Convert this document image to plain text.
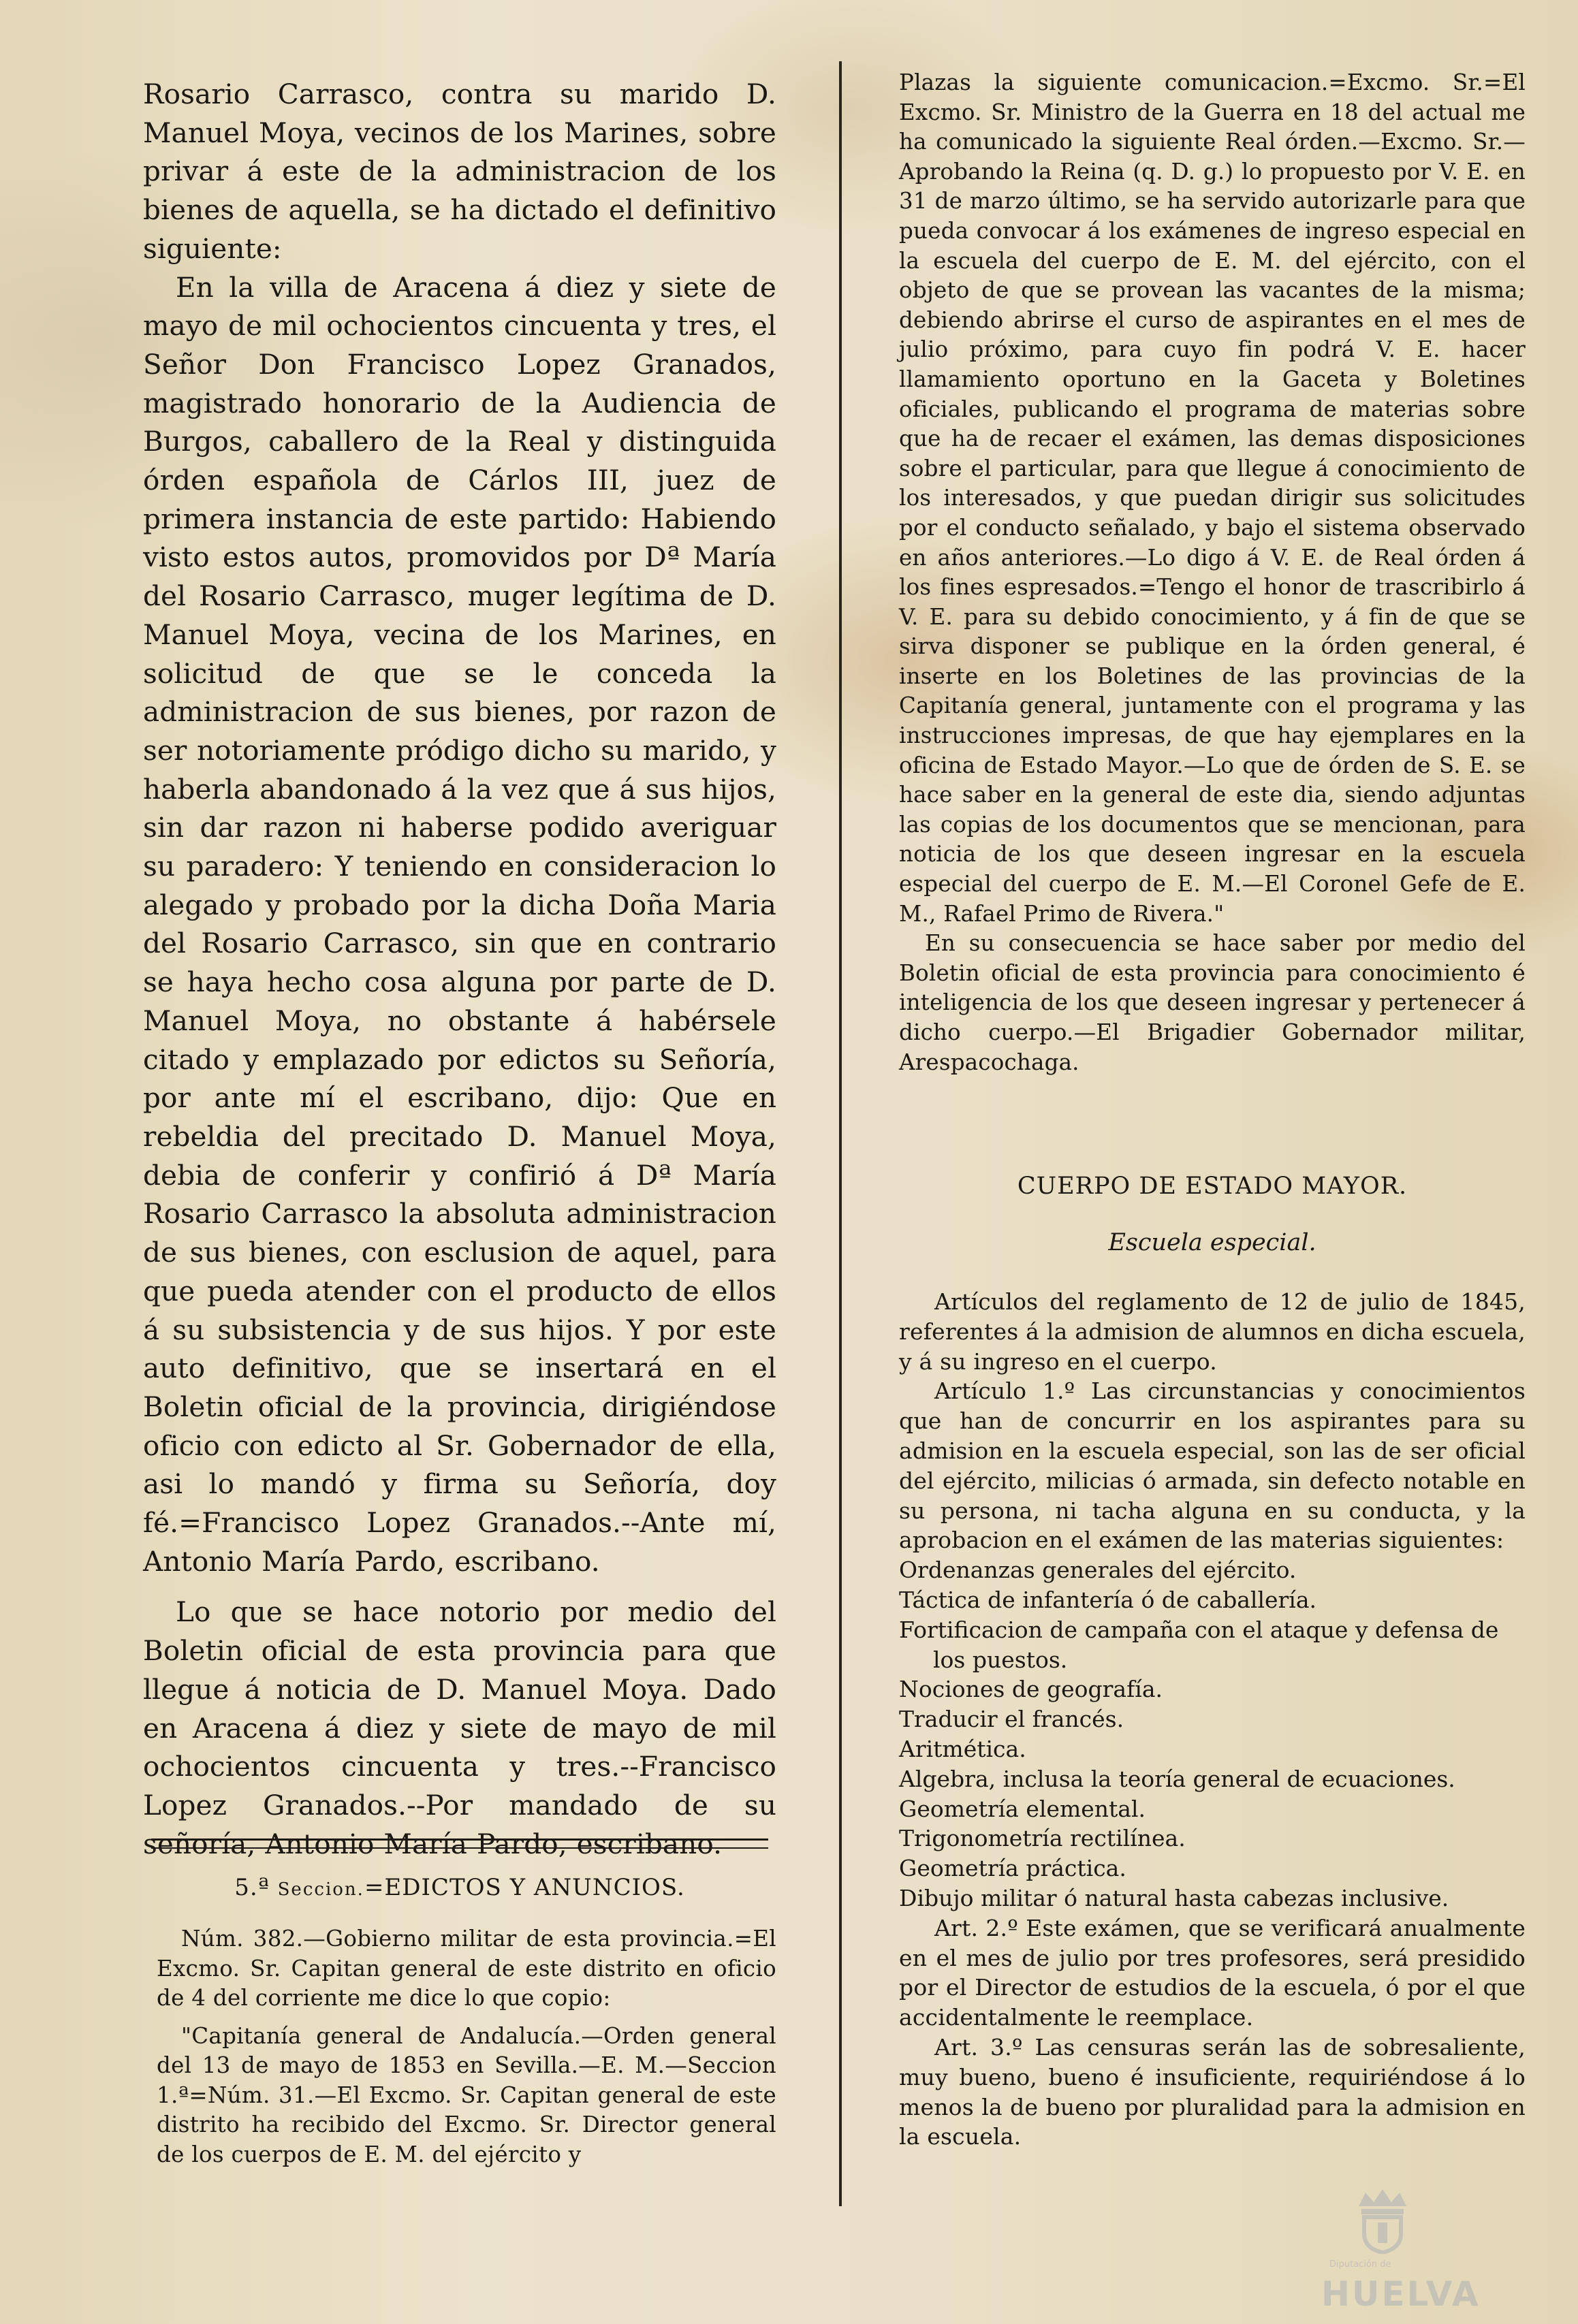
Rosario Carrasco, contra su marido D. Manuel Moya, vecinos de los Marines, sobre privar á este de la administracion de los bienes de aquella, se ha dictado el definitivo siguiente:

En la villa de Aracena á diez y siete de mayo de mil ochocientos cincuenta y tres, el Señor Don Francisco Lopez Granados, magistrado honorario de la Audiencia de Burgos, caballero de la Real y distinguida órden española de Cárlos III, juez de primera instancia de este partido: Habiendo visto estos autos, promovidos por Dª María del Rosario Carrasco, muger legítima de D. Manuel Moya, vecina de los Marines, en solicitud de que se le conceda la administracion de sus bienes, por razon de ser notoriamente pródigo dicho su marido, y haberla abandonado á la vez que á sus hijos, sin dar razon ni haberse podido averiguar su paradero: Y teniendo en consideracion lo alegado y probado por la dicha Doña Maria del Rosario Carrasco, sin que en contrario se haya hecho cosa alguna por parte de D. Manuel Moya, no obstante á habérsele citado y emplazado por edictos su Señoría, por ante mí el escribano, dijo: Que en rebeldia del precitado D. Manuel Moya, debia de conferir y confirió á Dª María Rosario Carrasco la absoluta administracion de sus bienes, con esclusion de aquel, para que pueda atender con el producto de ellos á su subsistencia y de sus hijos. Y por este auto definitivo, que se insertará en el Boletin oficial de la provincia, dirigiéndose oficio con edicto al Sr. Gobernador de ella, asi lo mandó y firma su Señoría, doy fé.=Francisco Lopez Granados.--Ante mí, Antonio María Pardo, escribano.

Lo que se hace notorio por medio del Boletin oficial de esta provincia para que llegue á noticia de D. Manuel Moya. Dado en Aracena á diez y siete de mayo de mil ochocientos cincuenta y tres.--Francisco Lopez Granados.--Por mandado de su señoría, Antonio María Pardo, escribano.

5.ª Seccion.=EDICTOS Y ANUNCIOS.

Núm. 382.—Gobierno militar de esta provincia.=El Excmo. Sr. Capitan general de este distrito en oficio de 4 del corriente me dice lo que copio:

"Capitanía general de Andalucía.—Orden general del 13 de mayo de 1853 en Sevilla.—E. M.—Seccion 1.ª=Núm. 31.—El Excmo. Sr. Capitan general de este distrito ha recibido del Excmo. Sr. Director general de los cuerpos de E. M. del ejército y

Plazas la siguiente comunicacion.=Excmo. Sr.=El Excmo. Sr. Ministro de la Guerra en 18 del actual me ha comunicado la siguiente Real órden.—Excmo. Sr.—Aprobando la Reina (q. D. g.) lo propuesto por V. E. en 31 de marzo último, se ha servido autorizarle para que pueda convocar á los exámenes de ingreso especial en la escuela del cuerpo de E. M. del ejército, con el objeto de que se provean las vacantes de la misma; debiendo abrirse el curso de aspirantes en el mes de julio próximo, para cuyo fin podrá V. E. hacer llamamiento oportuno en la Gaceta y Boletines oficiales, publicando el programa de materias sobre que ha de recaer el exámen, las demas disposiciones sobre el particular, para que llegue á conocimiento de los interesados, y que puedan dirigir sus solicitudes por el conducto señalado, y bajo el sistema observado en años anteriores.—Lo digo á V. E. de Real órden á los fines espresados.=Tengo el honor de trascribirlo á V. E. para su debido conocimiento, y á fin de que se sirva disponer se publique en la órden general, é inserte en los Boletines de las provincias de la Capitanía general, juntamente con el programa y las instrucciones impresas, de que hay ejemplares en la oficina de Estado Mayor.—Lo que de órden de S. E. se hace saber en la general de este dia, siendo adjuntas las copias de los documentos que se mencionan, para noticia de los que deseen ingresar en la escuela especial del cuerpo de E. M.—El Coronel Gefe de E. M., Rafael Primo de Rivera."

En su consecuencia se hace saber por medio del Boletin oficial de esta provincia para conocimiento é inteligencia de los que deseen ingresar y pertenecer á dicho cuerpo.—El Brigadier Gobernador militar, Arespacochaga.

CUERPO DE ESTADO MAYOR.
Escuela especial.

Artículos del reglamento de 12 de julio de 1845, referentes á la admision de alumnos en dicha escuela, y á su ingreso en el cuerpo.

Artículo 1.º Las circunstancias y conocimientos que han de concurrir en los aspirantes para su admision en la escuela especial, son las de ser oficial del ejército, milicias ó armada, sin defecto notable en su persona, ni tacha alguna en su conducta, y la aprobacion en el exámen de las materias siguientes:

Ordenanzas generales del ejército.
Táctica de infantería ó de caballería.
Fortificacion de campaña con el ataque y defensa de los puestos.
Nociones de geografía.
Traducir el francés.
Aritmética.
Algebra, inclusa la teoría general de ecuaciones.
Geometría elemental.
Trigonometría rectilínea.
Geometría práctica.
Dibujo militar ó natural hasta cabezas inclusive.

Art. 2.º Este exámen, que se verificará anualmente en el mes de julio por tres profesores, será presidido por el Director de estudios de la escuela, ó por el que accidentalmente le reemplace.

Art. 3.º Las censuras serán las de sobresaliente, muy bueno, bueno é insuficiente, requiriéndose á lo menos la de bueno por pluralidad para la admision en la escuela.

Diputación de
HUELVA
